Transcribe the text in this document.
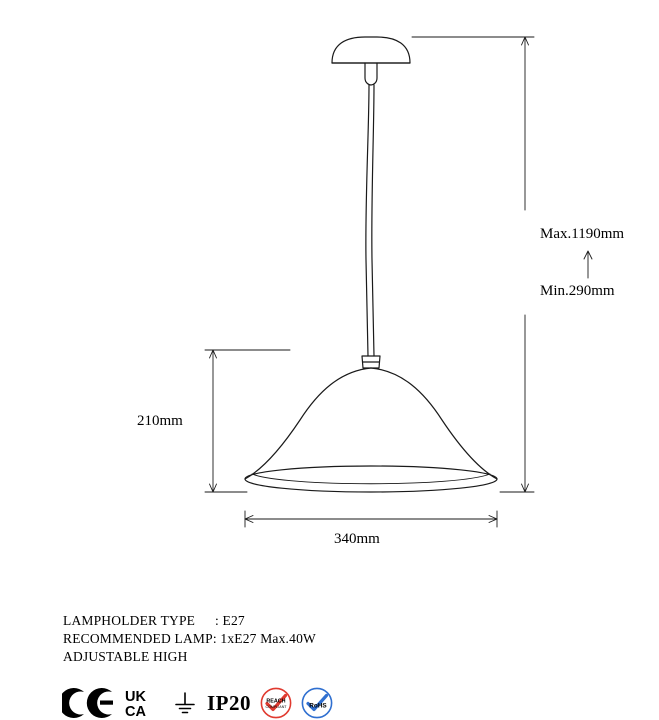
Max.1190mm
Min.290mm
210mm
340mm
LAMPHOLDER TYPE : E27
RECOMMENDED LAMP: 1xE27 Max.40W
ADJUSTABLE HIGH
UK
CA	IP20	REACH
COMPLIANT	RoHS
